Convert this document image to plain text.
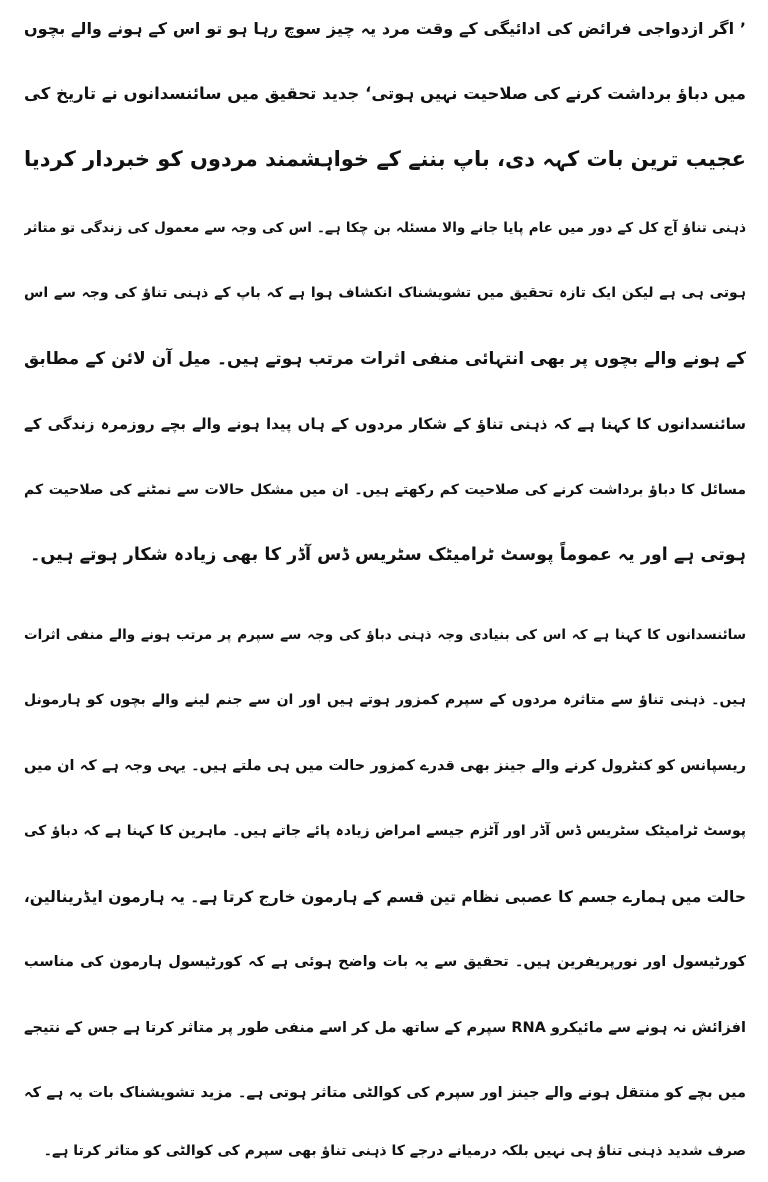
’ اگر ازدواجی فرائض کی ادائیگی کے وقت مرد یہ چیز سوچ رہا ہو تو اس کے ہونے والے بچوں
میں دباؤ برداشت کرنے کی صلاحیت نہیں ہوتی‘ جدید تحقیق میں سائنسدانوں نے تاریخ کی
عجیب ترین بات کہہ دی، باپ بننے کے خواہشمند مردوں کو خبردار کردیا
ذہنی تناؤ آج کل کے دور میں عام پایا جانے والا مسئلہ بن چکا ہے۔ اس کی وجہ سے معمول کی زندگی تو متاثر
ہوتی ہی ہے لیکن ایک تازہ تحقیق میں تشویشناک انکشاف ہوا ہے کہ باپ کے ذہنی تناؤ کی وجہ سے اس
کے ہونے والے بچوں پر بھی انتہائی منفی اثرات مرتب ہوتے ہیں۔ میل آن لائن کے مطابق
سائنسدانوں کا کہنا ہے کہ ذہنی تناؤ کے شکار مردوں کے ہاں پیدا ہونے والے بچے روزمرہ زندگی کے
مسائل کا دباؤ برداشت کرنے کی صلاحیت کم رکھتے ہیں۔ ان میں مشکل حالات سے نمٹنے کی صلاحیت کم
ہوتی ہے اور یہ عموماً پوسٹ ٹرامیٹک سٹریس ڈس آڈر کا بھی زیادہ شکار ہوتے ہیں۔
سائنسدانوں کا کہنا ہے کہ اس کی بنیادی وجہ ذہنی دباؤ کی وجہ سے سپرم پر مرتب ہونے والے منفی اثرات
ہیں۔ ذہنی تناؤ سے متاثرہ مردوں کے سپرم کمزور ہوتے ہیں اور ان سے جنم لینے والے بچوں کو ہارمونل
ریسپانس کو کنٹرول کرنے والے جینز بھی قدرے کمزور حالت میں ہی ملتے ہیں۔ یہی وجہ ہے کہ ان میں
پوسٹ ٹرامیٹک سٹریس ڈس آڈر اور آٹزم جیسے امراض زیادہ پائے جاتے ہیں۔ ماہرین کا کہنا ہے کہ دباؤ کی
حالت میں ہمارے جسم کا عصبی نظام تین قسم کے ہارمون خارج کرتا ہے۔ یہ ہارمون ایڈرینالین،
کورٹیسول اور نورپریفرین ہیں۔ تحقیق سے یہ بات واضح ہوئی ہے کہ کورٹیسول ہارمون کی مناسب
افزائش نہ ہونے سے مائیکرو RNA سپرم کے ساتھ مل کر اسے منفی طور پر متاثر کرتا ہے جس کے نتیجے
میں بچے کو منتقل ہونے والے جینز اور سپرم کی کوالٹی متاثر ہوتی ہے۔ مزید تشویشناک بات یہ ہے کہ
صرف شدید ذہنی تناؤ ہی نہیں بلکہ درمیانے درجے کا ذہنی تناؤ بھی سپرم کی کوالٹی کو متاثر کرتا ہے۔
